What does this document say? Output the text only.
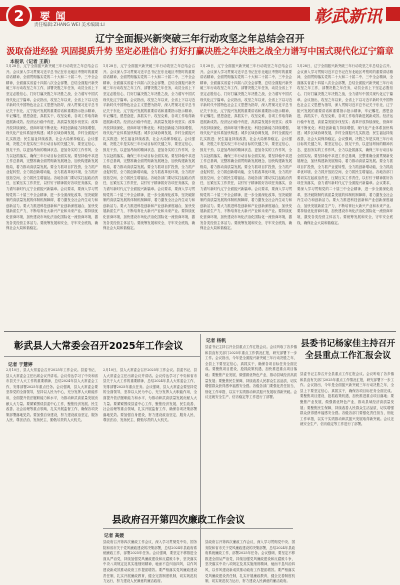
2	要 闻
责任编辑:ZHANG WEI 美术编辑:LI	彰武新讯
辽宁全面振兴新突破三年行动攻坚之年总结会召开
汲取奋进经验 巩固提质升势 坚定必胜信心 打好打赢决胜之年决胜之战全力谱写中国式现代化辽宁篇章
本报讯（记者 王新）
1月28日，辽宁全面振兴新突破三年行动攻坚之年总结会召开。会议深入学习贯彻习近平总书记在东北地区考察时的重要讲话精神，全面贯彻落实党的二十大和二十届二中、三中全会精神，全面落实省委十四届八次全会部署，总结全面振兴新突破三年行动攻坚之年工作，部署决胜之年任务，动员全省上下坚定必胜信心，打好打赢决胜之年决胜之战，全力谱写中国式现代化辽宁篇章。会议指出，攻坚之年以来，全省上下以习近平新时代中国特色社会主义思想为指导，深入贯彻习近平总书记关于东北、辽宁振兴发展的重要讲话和重要指示批示精神，牢记嘱托、感恩奋进，真抓实干、攻坚克难，各项工作取得新进展新成效。经济运行稳中有进，高质量发展步伐坚实；改革开放持续深化，营商环境不断优化；科技创新能力持续增强，现代化产业体系加快构建；城乡区域协调发展，乡村全面振兴扎实推进；民生福祉持续改善，社会大局保持稳定。会议强调，决胜之年是实现三年行动目标的关键之年，要坚定信心、鼓足干劲，以更加昂扬的精神状态、更加务实的工作作风，全力以赴抓落实，确保三年行动目标全面实现。要坚持稳中求进工作总基调，完整准确全面贯彻新发展理念，加快构建新发展格局，着力推动高质量发展。要全力抓项目扩投资，全力抓产业促转型，全力抓创新增动能，全力抓改革优环境，全力抓开放拓空间，全力抓民生增福祉。各地各部门要切实扛起政治责任，压紧压实工作责任，以钉钉子精神抓好各项任务落实，奋力谱写新时代辽宁全面振兴新篇章。会议要求，要深入学习贯彻党的二十届三中全会精神，进一步全面深化改革，坚决破除制约高质量发展的体制机制障碍，着力激发全社会内生动力和创新活力。要大力推进科技创新和产业创新深度融合，加快发展新质生产力，不断培育壮大新兴产业和未来产业。要持续优化营商环境，加快建设市场化法治化国际化一流营商环境，激发各类经营主体活力。要统筹发展和安全，守牢安全底线，确保社会大局和谐稳定。
1月28日，辽宁全面振兴新突破三年行动攻坚之年总结会召开。会议深入学习贯彻习近平总书记在东北地区考察时的重要讲话精神，全面贯彻落实党的二十大和二十届二中、三中全会精神，全面落实省委十四届八次全会部署，总结全面振兴新突破三年行动攻坚之年工作，部署决胜之年任务，动员全省上下坚定必胜信心，打好打赢决胜之年决胜之战，全力谱写中国式现代化辽宁篇章。会议指出，攻坚之年以来，全省上下以习近平新时代中国特色社会主义思想为指导，深入贯彻习近平总书记关于东北、辽宁振兴发展的重要讲话和重要指示批示精神，牢记嘱托、感恩奋进，真抓实干、攻坚克难，各项工作取得新进展新成效。经济运行稳中有进，高质量发展步伐坚实；改革开放持续深化，营商环境不断优化；科技创新能力持续增强，现代化产业体系加快构建；城乡区域协调发展，乡村全面振兴扎实推进；民生福祉持续改善，社会大局保持稳定。会议强调，决胜之年是实现三年行动目标的关键之年，要坚定信心、鼓足干劲，以更加昂扬的精神状态、更加务实的工作作风，全力以赴抓落实，确保三年行动目标全面实现。要坚持稳中求进工作总基调，完整准确全面贯彻新发展理念，加快构建新发展格局，着力推动高质量发展。要全力抓项目扩投资，全力抓产业促转型，全力抓创新增动能，全力抓改革优环境，全力抓开放拓空间，全力抓民生增福祉。各地各部门要切实扛起政治责任，压紧压实工作责任，以钉钉子精神抓好各项任务落实，奋力谱写新时代辽宁全面振兴新篇章。会议要求，要深入学习贯彻党的二十届三中全会精神，进一步全面深化改革，坚决破除制约高质量发展的体制机制障碍，着力激发全社会内生动力和创新活力。要大力推进科技创新和产业创新深度融合，加快发展新质生产力，不断培育壮大新兴产业和未来产业。要持续优化营商环境，加快建设市场化法治化国际化一流营商环境，激发各类经营主体活力。要统筹发展和安全，守牢安全底线，确保社会大局和谐稳定。
1月28日，辽宁全面振兴新突破三年行动攻坚之年总结会召开。会议深入学习贯彻习近平总书记在东北地区考察时的重要讲话精神，全面贯彻落实党的二十大和二十届二中、三中全会精神，全面落实省委十四届八次全会部署，总结全面振兴新突破三年行动攻坚之年工作，部署决胜之年任务，动员全省上下坚定必胜信心，打好打赢决胜之年决胜之战，全力谱写中国式现代化辽宁篇章。会议指出，攻坚之年以来，全省上下以习近平新时代中国特色社会主义思想为指导，深入贯彻习近平总书记关于东北、辽宁振兴发展的重要讲话和重要指示批示精神，牢记嘱托、感恩奋进，真抓实干、攻坚克难，各项工作取得新进展新成效。经济运行稳中有进，高质量发展步伐坚实；改革开放持续深化，营商环境不断优化；科技创新能力持续增强，现代化产业体系加快构建；城乡区域协调发展，乡村全面振兴扎实推进；民生福祉持续改善，社会大局保持稳定。会议强调，决胜之年是实现三年行动目标的关键之年，要坚定信心、鼓足干劲，以更加昂扬的精神状态、更加务实的工作作风，全力以赴抓落实，确保三年行动目标全面实现。要坚持稳中求进工作总基调，完整准确全面贯彻新发展理念，加快构建新发展格局，着力推动高质量发展。要全力抓项目扩投资，全力抓产业促转型，全力抓创新增动能，全力抓改革优环境，全力抓开放拓空间，全力抓民生增福祉。各地各部门要切实扛起政治责任，压紧压实工作责任，以钉钉子精神抓好各项任务落实，奋力谱写新时代辽宁全面振兴新篇章。会议要求，要深入学习贯彻党的二十届三中全会精神，进一步全面深化改革，坚决破除制约高质量发展的体制机制障碍，着力激发全社会内生动力和创新活力。要大力推进科技创新和产业创新深度融合，加快发展新质生产力，不断培育壮大新兴产业和未来产业。要持续优化营商环境，加快建设市场化法治化国际化一流营商环境，激发各类经营主体活力。要统筹发展和安全，守牢安全底线，确保社会大局和谐稳定。
1月28日，辽宁全面振兴新突破三年行动攻坚之年总结会召开。会议深入学习贯彻习近平总书记在东北地区考察时的重要讲话精神，全面贯彻落实党的二十大和二十届二中、三中全会精神，全面落实省委十四届八次全会部署，总结全面振兴新突破三年行动攻坚之年工作，部署决胜之年任务，动员全省上下坚定必胜信心，打好打赢决胜之年决胜之战，全力谱写中国式现代化辽宁篇章。会议指出，攻坚之年以来，全省上下以习近平新时代中国特色社会主义思想为指导，深入贯彻习近平总书记关于东北、辽宁振兴发展的重要讲话和重要指示批示精神，牢记嘱托、感恩奋进，真抓实干、攻坚克难，各项工作取得新进展新成效。经济运行稳中有进，高质量发展步伐坚实；改革开放持续深化，营商环境不断优化；科技创新能力持续增强，现代化产业体系加快构建；城乡区域协调发展，乡村全面振兴扎实推进；民生福祉持续改善，社会大局保持稳定。会议强调，决胜之年是实现三年行动目标的关键之年，要坚定信心、鼓足干劲，以更加昂扬的精神状态、更加务实的工作作风，全力以赴抓落实，确保三年行动目标全面实现。要坚持稳中求进工作总基调，完整准确全面贯彻新发展理念，加快构建新发展格局，着力推动高质量发展。要全力抓项目扩投资，全力抓产业促转型，全力抓创新增动能，全力抓改革优环境，全力抓开放拓空间，全力抓民生增福祉。各地各部门要切实扛起政治责任，压紧压实工作责任，以钉钉子精神抓好各项任务落实，奋力谱写新时代辽宁全面振兴新篇章。会议要求，要深入学习贯彻党的二十届三中全会精神，进一步全面深化改革，坚决破除制约高质量发展的体制机制障碍，着力激发全社会内生动力和创新活力。要大力推进科技创新和产业创新深度融合，加快发展新质生产力，不断培育壮大新兴产业和未来产业。要持续优化营商环境，加快建设市场化法治化国际化一流营商环境，激发各类经营主体活力。要统筹发展和安全，守牢安全底线，确保社会大局和谐稳定。
彰武县人大常委会召开2025年工作会议
记者 于慧婷
2月10日，县人大常委会召开2025年工作会议。县委书记、县人大常委会主任出席会议并讲话。会议传达学习了中央和省市县关于人大工作的重要精神，总结2024年县人大常委会工作，安排部署2025年重点任务。会议强调，县人大常委会要坚持党的全面领导，坚持以人民为中心，充分发挥人大职能作用，全面提升依法履职能力和水平，为推动彰武高质量发展贡献人大力量。要紧紧围绕县委中心工作，聚焦经济发展、民生改善、社会治理等重点领域，扎实开展监督工作，确保各项决策部署落地见效。要加强自身建设，努力建设政治坚定、服务人民、尊崇法治、发扬民主、勤勉尽责的人大机关。
2月10日，县人大常委会召开2025年工作会议。县委书记、县人大常委会主任出席会议并讲话。会议传达学习了中央和省市县关于人大工作的重要精神，总结2024年县人大常委会工作，安排部署2025年重点任务。会议强调，县人大常委会要坚持党的全面领导，坚持以人民为中心，充分发挥人大职能作用，全面提升依法履职能力和水平，为推动彰武高质量发展贡献人大力量。要紧紧围绕县委中心工作，聚焦经济发展、民生改善、社会治理等重点领域，扎实开展监督工作，确保各项决策部署落地见效。要加强自身建设，努力建设政治坚定、服务人民、尊崇法治、发扬民主、勤勉尽责的人大机关。
记者 杨帆
县委书记主持召开全县重点工作汇报会议。会议听取了各乡镇和县直有关部门2025年重点工作情况汇报，研究部署下一步工作。会议指出，今年是全面振兴新突破三年行动决胜之年，全县上下要坚定信心、真抓实干，确保各项目标任务全面完成。要聚焦项目建设，抢抓政策机遇，加快推进重点项目落地；要聚焦产业发展，做强做优特色产业，推动县域经济高质量发展；要聚焦民生保障，持续改善人民群众生活品质，切实增强群众获得感幸福感安全感。各级各部门要强化责任担当，细化工作举措，以实干实绩推动彰武振兴发展取得新突破。会议还就安全生产、信访稳定等工作进行了部署。
县委书记杨家佳主持召开全县重点工作汇报会议
县委书记主持召开全县重点工作汇报会议。会议听取了各乡镇和县直有关部门2025年重点工作情况汇报，研究部署下一步工作。会议指出，今年是全面振兴新突破三年行动决胜之年，全县上下要坚定信心、真抓实干，确保各项目标任务全面完成。要聚焦项目建设，抢抓政策机遇，加快推进重点项目落地；要聚焦产业发展，做强做优特色产业，推动县域经济高质量发展；要聚焦民生保障，持续改善人民群众生活品质，切实增强群众获得感幸福感安全感。各级各部门要强化责任担当，细化工作举措，以实干实绩推动彰武振兴发展取得新突破。会议还就安全生产、信访稳定等工作进行了部署。
县政府召开第四次廉政工作会议
记者 高媛
县政府召开第四次廉政工作会议，深入学习贯彻党中央、国务院和省市关于党风廉政建设的决策部署，总结2024年县政府系统廉政工作，部署2025年任务。会议强调，要坚定不移推进全面从严治党，持续加强党风廉政建设和反腐败斗争，坚决落实中央八项规定及其实施细则精神，驰而不息纠治四风，以作风建设新成效推动政府工作提质增效。要严格落实党风廉政建设责任制，扎实开展廉政教育，健全完善制度机制，切实规范权力运行，努力建设人民满意的廉洁政府。
县政府召开第四次廉政工作会议，深入学习贯彻党中央、国务院和省市关于党风廉政建设的决策部署，总结2024年县政府系统廉政工作，部署2025年任务。会议强调，要坚定不移推进全面从严治党，持续加强党风廉政建设和反腐败斗争，坚决落实中央八项规定及其实施细则精神，驰而不息纠治四风，以作风建设新成效推动政府工作提质增效。要严格落实党风廉政建设责任制，扎实开展廉政教育，健全完善制度机制，切实规范权力运行，努力建设人民满意的廉洁政府。
